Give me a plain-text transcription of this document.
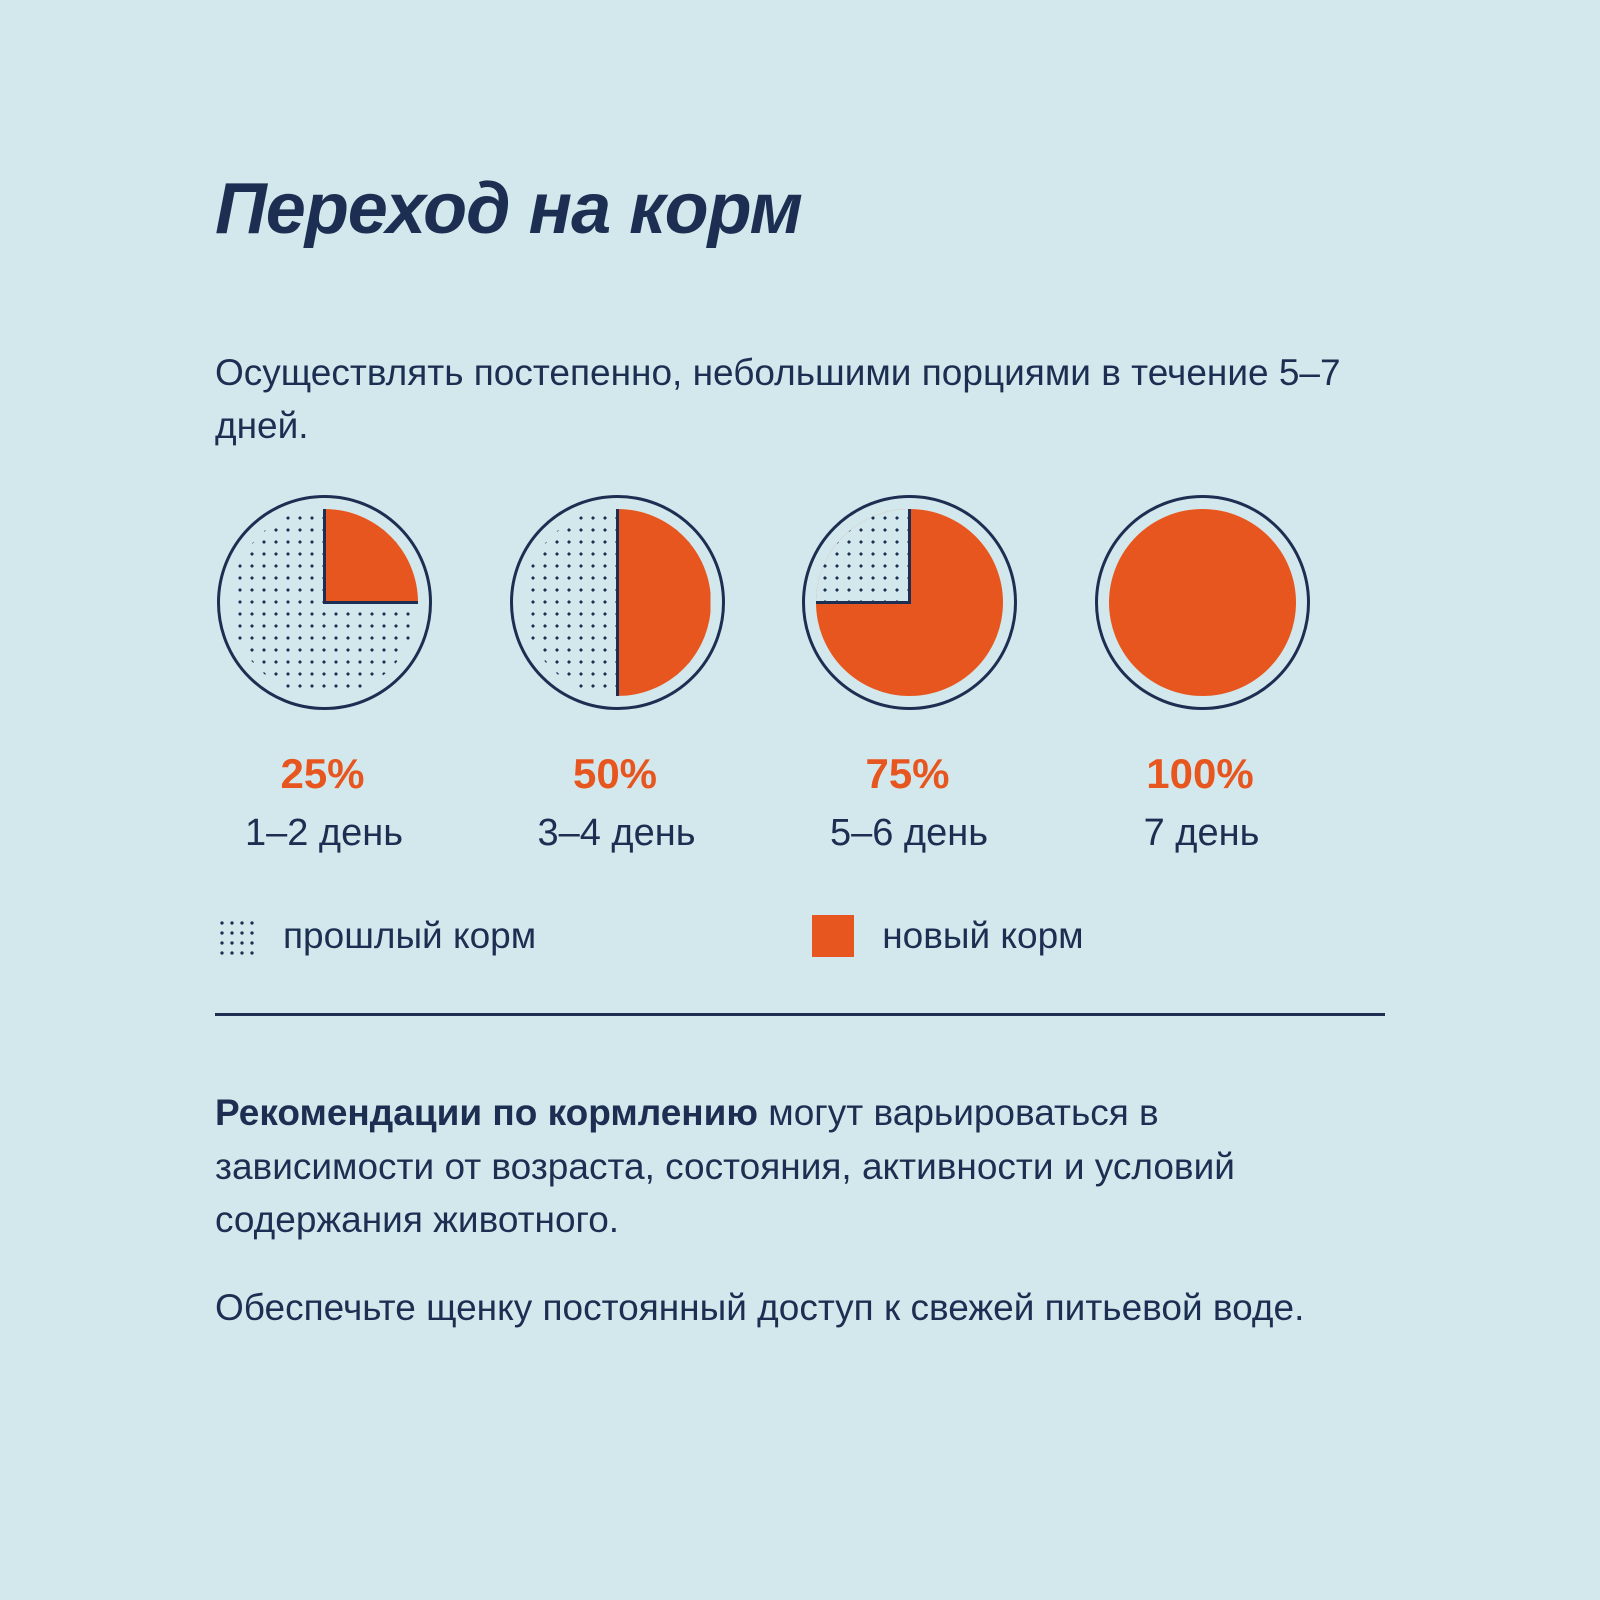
Переход на корм
Осуществлять постепенно, небольшими порциями в течение 5–7 дней.
25%
1–2 день
50%
3–4 день
75%
5–6 день
100%
7 день
прошлый корм	новый корм

Рекомендации по кормлению могут варьироваться в зависимости от возраста, состояния, активности и условий содержания животного.

Обеспечьте щенку постоянный доступ к свежей питьевой воде.
